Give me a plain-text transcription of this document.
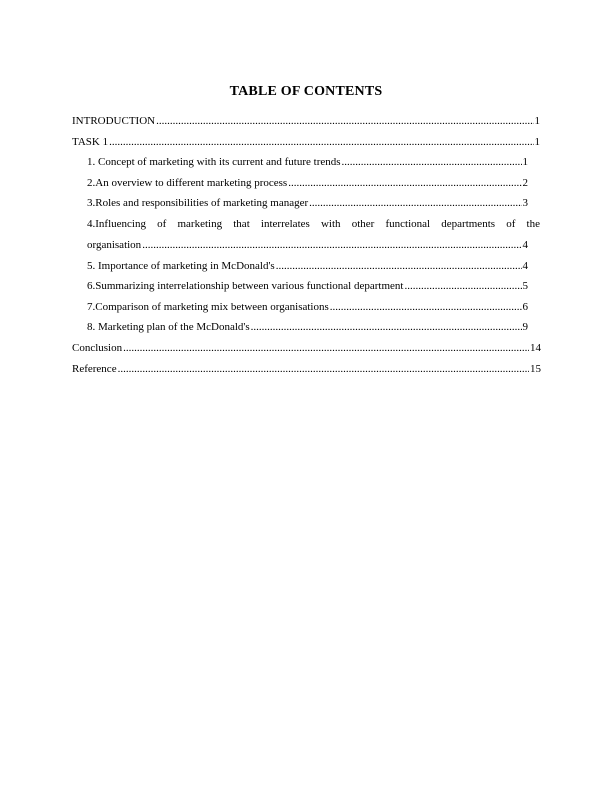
TABLE OF CONTENTS
INTRODUCTION .....	1
TASK 1 .....	1
1. Concept of marketing with its current and future trends .....	1
2.An overview to different marketing process .....	2
3.Roles and responsibilities of marketing manager .....	3
4.Influencing of marketing that interrelates with other functional departments of the
organisation .....	4
5. Importance of marketing in McDonald's .....	4
6.Summarizing interrelationship between various functional department .....	5
7.Comparison of marketing mix between organisations .....	6
8. Marketing plan of the McDonald's .....	9
Conclusion .....	14
Reference .....	15
